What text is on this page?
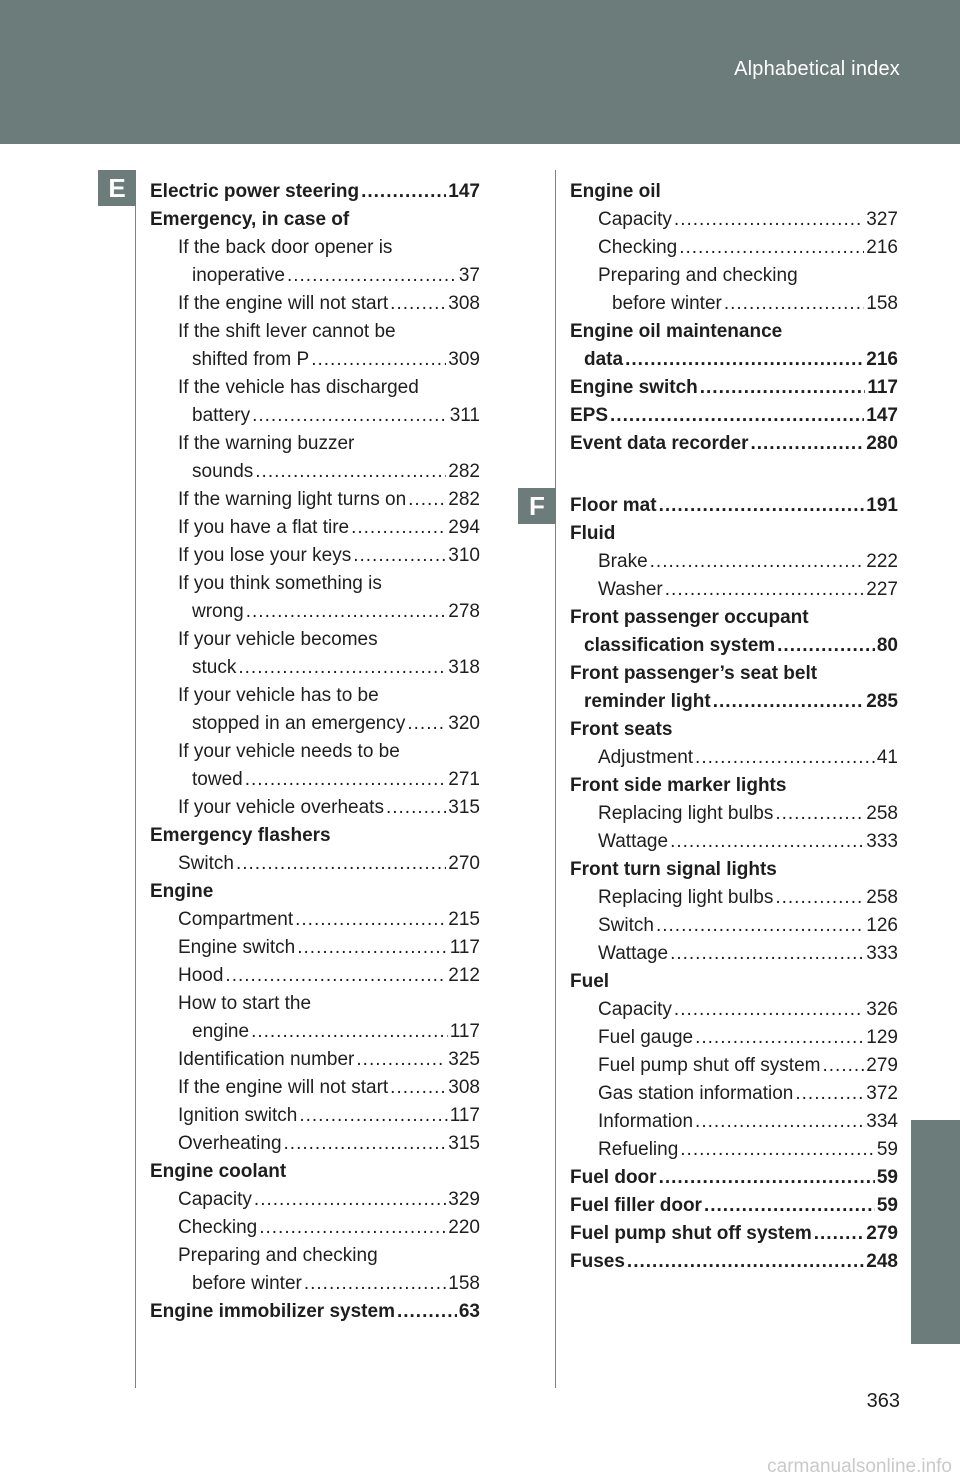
Alphabetical index
E
F
Electric power steering .....	147
Emergency, in case of
If the back door opener is
inoperative .....	37
If the engine will not start .....	308
If the shift lever cannot be
shifted from P .....	309
If the vehicle has discharged
battery .....	311
If the warning buzzer
sounds .....	282
If the warning light turns on ..... 282
If you have a flat tire .....	294
If you lose your keys .....	310
If you think something is
wrong .....	278
If your vehicle becomes
stuck .....	318
If your vehicle has to be
stopped in an emergency ..... 320
If your vehicle needs to be
towed .....	271
If your vehicle overheats .....	315
Emergency flashers
Switch .....	270
Engine
Compartment .....	215
Engine switch .....	117
Hood .....	212
How to start the
engine .....	117
Identification number .....	325
If the engine will not start .....	308
Ignition switch .....	117
Overheating .....	315
Engine coolant
Capacity .....	329
Checking .....	220
Preparing and checking
before winter .....	158
Engine immobilizer system .....	63
Engine oil
Capacity .....	327
Checking .....	216
Preparing and checking
before winter .....	158
Engine oil maintenance
data .....	216
Engine switch .....	117
EPS .....	147
Event data recorder .....	280
Floor mat .....	191
Fluid
Brake .....	222
Washer .....	227
Front passenger occupant
classification system .....	80
Front passenger’s seat belt
reminder light .....	285
Front seats
Adjustment .....	41
Front side marker lights
Replacing light bulbs .....	258
Wattage .....	333
Front turn signal lights
Replacing light bulbs .....	258
Switch .....	126
Wattage .....	333
Fuel
Capacity .....	326
Fuel gauge .....	129
Fuel pump shut off system ..... 279
Gas station information .....	372
Information .....	334
Refueling .....	59
Fuel door .....	59
Fuel filler door .....	59
Fuel pump shut off system .....	279
Fuses .....	248
363
carmanualsonline.info
